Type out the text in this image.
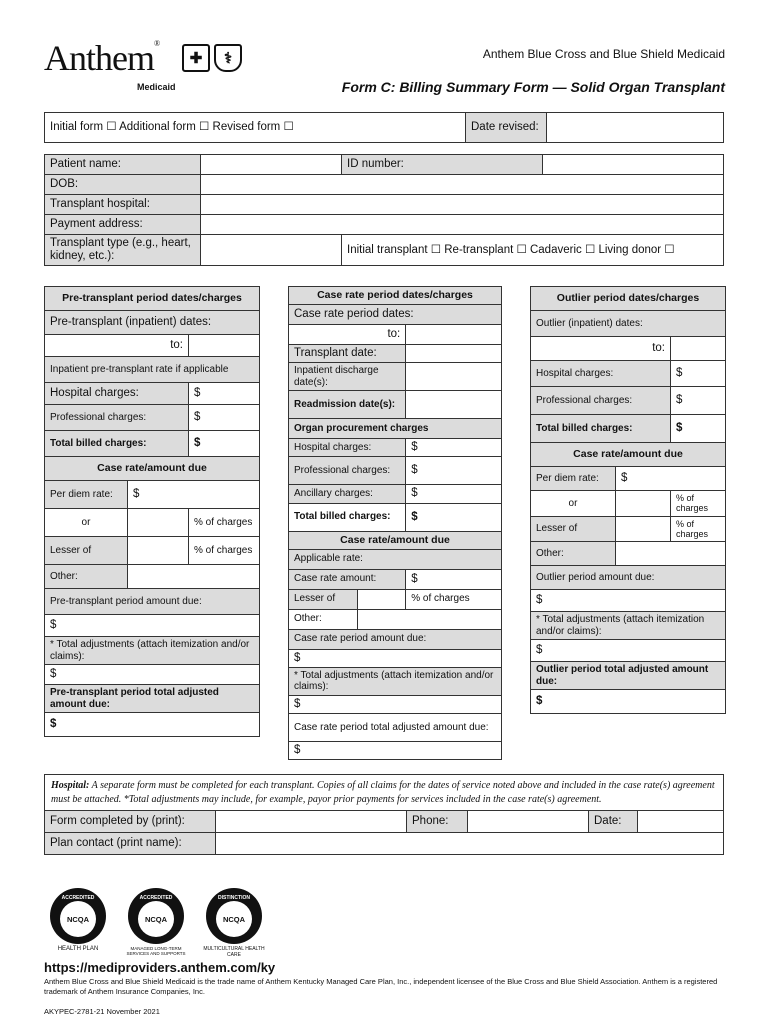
Anthem®
Medicaid
✚	⚕	Anthem Blue Cross and Blue Shield Medicaid
Form C: Billing Summary Form — Solid Organ Transplant
Initial form ☐ Additional form ☐ Revised form ☐		Date revised:	
Patient name:		ID number:	
DOB:			
Transplant hospital:			
Payment address:			
Transplant type (e.g., heart, kidney, etc.):		Initial transplant ☐ Re-transplant ☐ Cadaveric ☐ Living donor ☐	
Pre-transplant period dates/charges		
Pre-transplant (inpatient) dates:		
to:		
Inpatient pre-transplant rate if applicable		
Hospital charges:		$
Professional charges:		$
Total billed charges:		$
Case rate/amount due		
Per diem rate:	$	
or		% of charges
Lesser of		% of charges
Other:		
Pre-transplant period amount due:		
$		
* Total adjustments (attach itemization and/or claims):		
$		
Pre-transplant period total adjusted amount due:		
$		
Case rate period dates/charges		
Case rate period dates:		
to:		
Transplant date:		
Inpatient discharge date(s):		
Readmission date(s):		
Organ procurement charges		
Hospital charges:		$
Professional charges:		$
Ancillary charges:		$
Total billed charges:		$
Case rate/amount due		
Applicable rate:		
Case rate amount:		$
Lesser of		% of charges
Other:		
Case rate period amount due:		
$		
* Total adjustments (attach itemization and/or claims):		
$		
Case rate period total adjusted amount due:		
$		
Outlier period dates/charges		
Outlier (inpatient) dates:		
to:		
Hospital charges:		$
Professional charges:		$
Total billed charges:		$
Case rate/amount due		
Per diem rate:	$	
or		% of charges
Lesser of		% of charges
Other:		
Outlier period amount due:		
$		
* Total adjustments (attach itemization and/or claims):		
$		
Outlier period total adjusted amount due:		
$		
Hospital: A separate form must be completed for each transplant. Copies of all claims for the dates of service noted above and included in the case rate(s) agreement must be attached. *Total adjustments may include, for example, payor prior payments for services included in the case rate(s) agreement.					
Form completed by (print):		Phone:		Date:	
Plan contact (print name):					
ACCREDITED
NCQA
HEALTH PLAN
ACCREDITED
NCQA
MANAGED LONG-TERM SERVICES AND SUPPORTS
DISTINCTION
NCQA
MULTICULTURAL HEALTH CARE
https://mediproviders.anthem.com/ky
Anthem Blue Cross and Blue Shield Medicaid is the trade name of Anthem Kentucky Managed Care Plan, Inc., independent licensee of the Blue Cross and Blue Shield Association. Anthem is a registered trademark of Anthem Insurance Companies, Inc.
AKYPEC-2781-21 November 2021
